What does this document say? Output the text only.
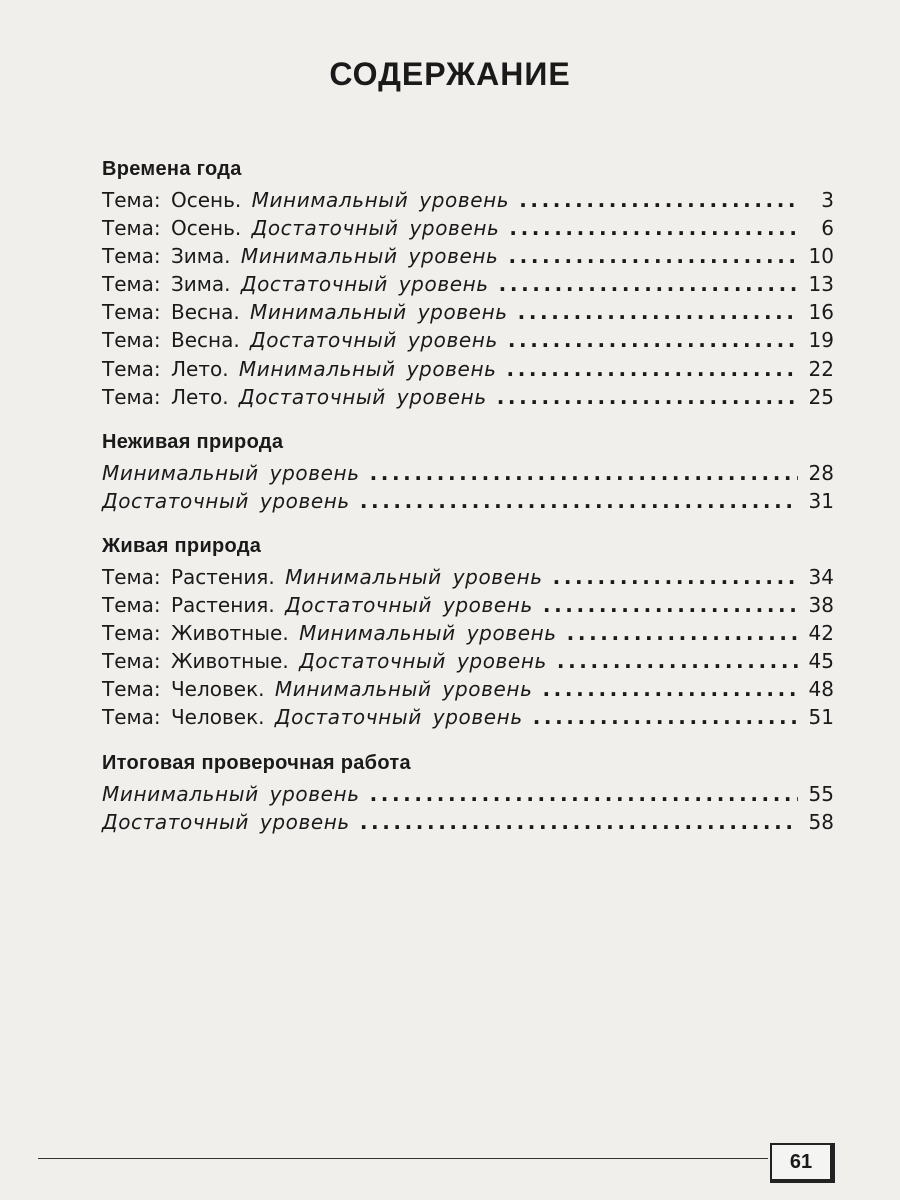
СОДЕРЖАНИЕ
Времена года
Тема: Осень. Минимальный уровень .....	3
Тема: Осень. Достаточный уровень .....	6
Тема: Зима. Минимальный уровень .....	10
Тема: Зима. Достаточный уровень .....	13
Тема: Весна. Минимальный уровень .....	16
Тема: Весна. Достаточный уровень .....	19
Тема: Лето. Минимальный уровень .....	22
Тема: Лето. Достаточный уровень .....	25
Неживая природа
Минимальный уровень .....	28
Достаточный уровень .....	31
Живая природа
Тема: Растения. Минимальный уровень .....	34
Тема: Растения. Достаточный уровень .....	38
Тема: Животные. Минимальный уровень .....	42
Тема: Животные. Достаточный уровень .....	45
Тема: Человек. Минимальный уровень .....	48
Тема: Человек. Достаточный уровень .....	51
Итоговая проверочная работа
Минимальный уровень .....	55
Достаточный уровень .....	58
61
